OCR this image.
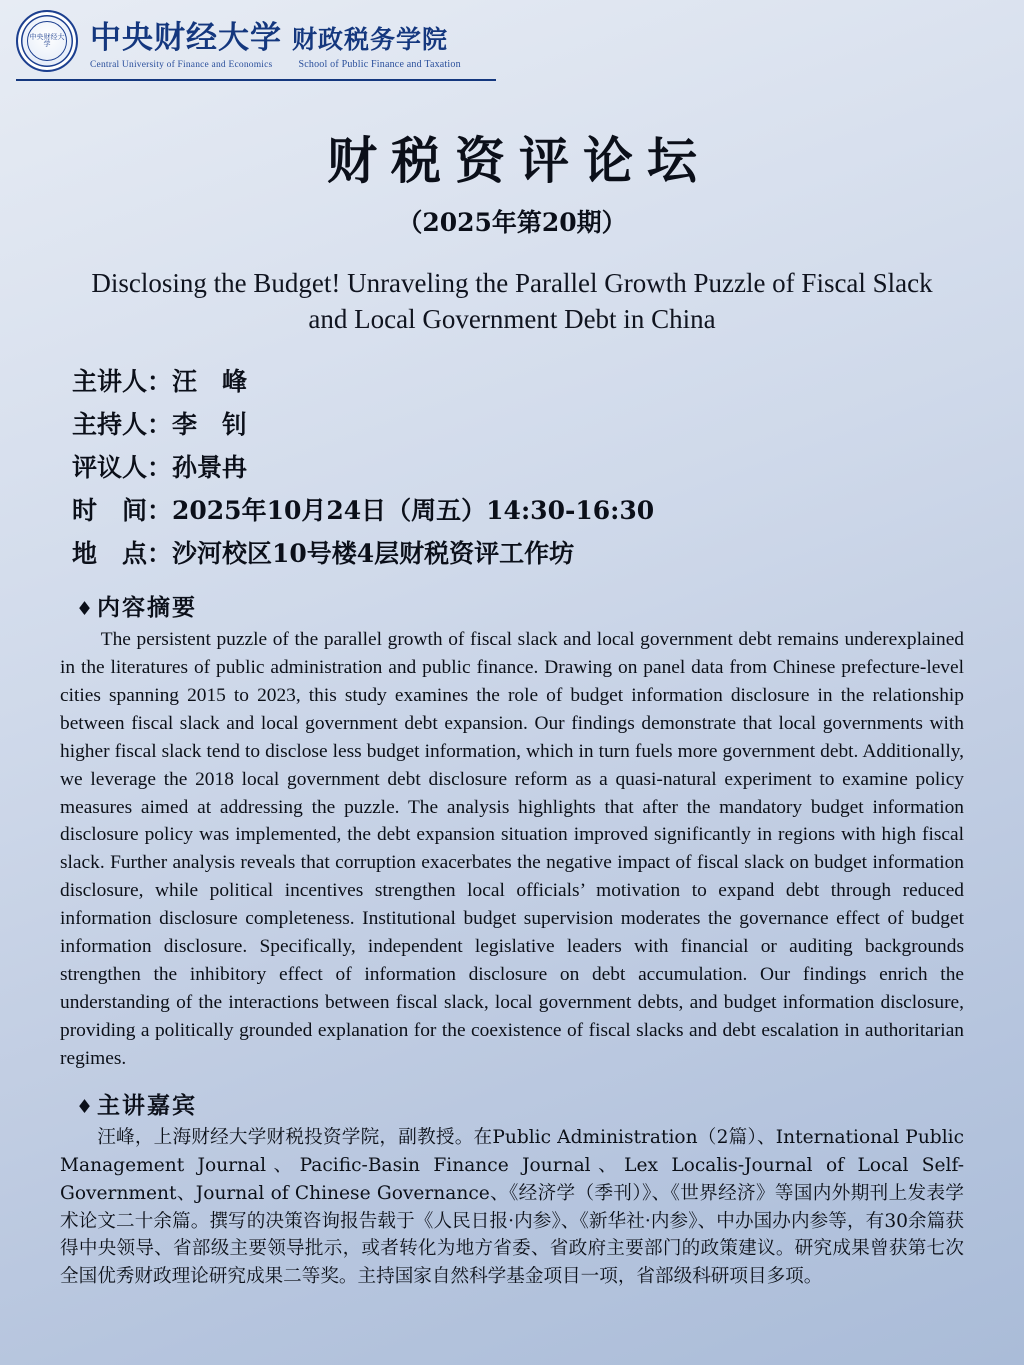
中央财经大学	中央财经大学 财政税务学院
Central University of Finance and Economics	School of Public Finance and Taxation
财税资评论坛
（2025年第20期）
Disclosing the Budget! Unraveling the Parallel Growth Puzzle of Fiscal Slack and Local Government Debt in China
主讲人：汪　峰
主持人：李　钊
评议人：孙景冉
时　间：2025年10月24日（周五）14:30-16:30
地　点：沙河校区10号楼4层财税资评工作坊
♦内容摘要
The persistent puzzle of the parallel growth of fiscal slack and local government debt remains underexplained in the literatures of public administration and public finance. Drawing on panel data from Chinese prefecture-level cities spanning 2015 to 2023, this study examines the role of budget information disclosure in the relationship between fiscal slack and local government debt expansion. Our findings demonstrate that local governments with higher fiscal slack tend to disclose less budget information, which in turn fuels more government debt. Additionally, we leverage the 2018 local government debt disclosure reform as a quasi-natural experiment to examine policy measures aimed at addressing the puzzle. The analysis highlights that after the mandatory budget information disclosure policy was implemented, the debt expansion situation improved significantly in regions with high fiscal slack. Further analysis reveals that corruption exacerbates the negative impact of fiscal slack on budget information disclosure, while political incentives strengthen local officials’ motivation to expand debt through reduced information disclosure completeness. Institutional budget supervision moderates the governance effect of budget information disclosure. Specifically, independent legislative leaders with financial or auditing backgrounds strengthen the inhibitory effect of information disclosure on debt accumulation. Our findings enrich the understanding of the interactions between fiscal slack, local government debts, and budget information disclosure, providing a politically grounded explanation for the coexistence of fiscal slacks and debt escalation in authoritarian regimes.
♦主讲嘉宾
汪峰，上海财经大学财税投资学院，副教授。在Public Administration（2篇）、International Public Management Journal、Pacific-Basin Finance Journal、Lex Localis-Journal of Local Self-Government、Journal of Chinese Governance、《经济学（季刊）》、《世界经济》等国内外期刊上发表学术论文二十余篇。撰写的决策咨询报告载于《人民日报·内参》、《新华社·内参》、中办国办内参等，有30余篇获得中央领导、省部级主要领导批示，或者转化为地方省委、省政府主要部门的政策建议。研究成果曾获第七次全国优秀财政理论研究成果二等奖。主持国家自然科学基金项目一项，省部级科研项目多项。
